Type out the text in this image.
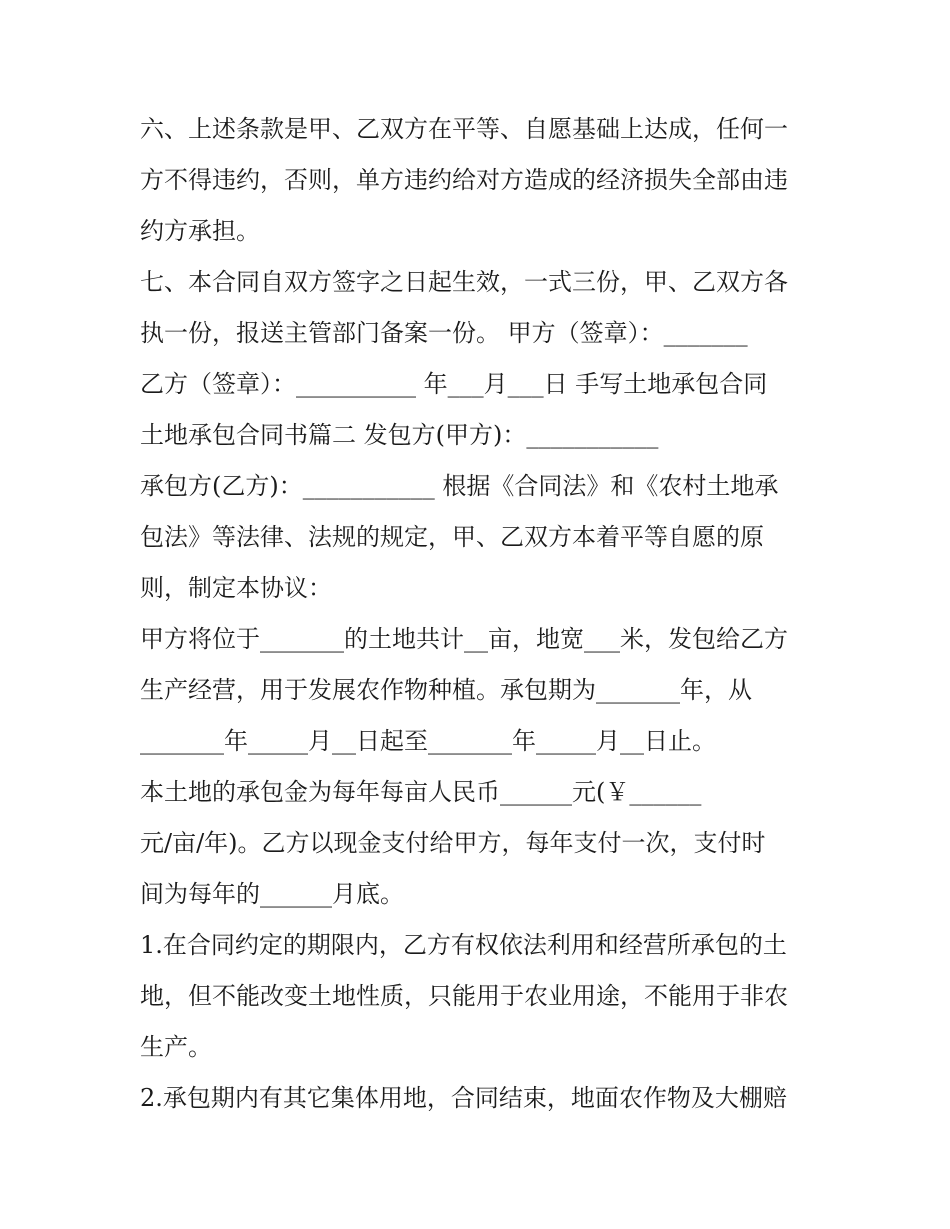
六、上述条款是甲、乙双方在平等、自愿基础上达成，任何一
方不得违约，否则，单方违约给对方造成的经济损失全部由违
约方承担。
七、本合同自双方签字之日起生效，一式三份，甲、乙双方各
执一份，报送主管部门备案一份。 甲方（签章）：_______
乙方（签章）：__________ 年___月___日 手写土地承包合同
土地承包合同书篇二 发包方(甲方)：___________
承包方(乙方)：___________ 根据《合同法》和《农村土地承
包法》等法律、法规的规定，甲、乙双方本着平等自愿的原
则，制定本协议：
甲方将位于_______的土地共计__亩，地宽___米，发包给乙方
生产经营，用于发展农作物种植。承包期为_______年，从
_______年_____月__日起至_______年_____月__日止。
本土地的承包金为每年每亩人民币______元(￥______
元/亩/年)。乙方以现金支付给甲方，每年支付一次，支付时
间为每年的______月底。
1.在合同约定的期限内，乙方有权依法利用和经营所承包的土
地，但不能改变土地性质，只能用于农业用途，不能用于非农
生产。
2.承包期内有其它集体用地，合同结束，地面农作物及大棚赔
